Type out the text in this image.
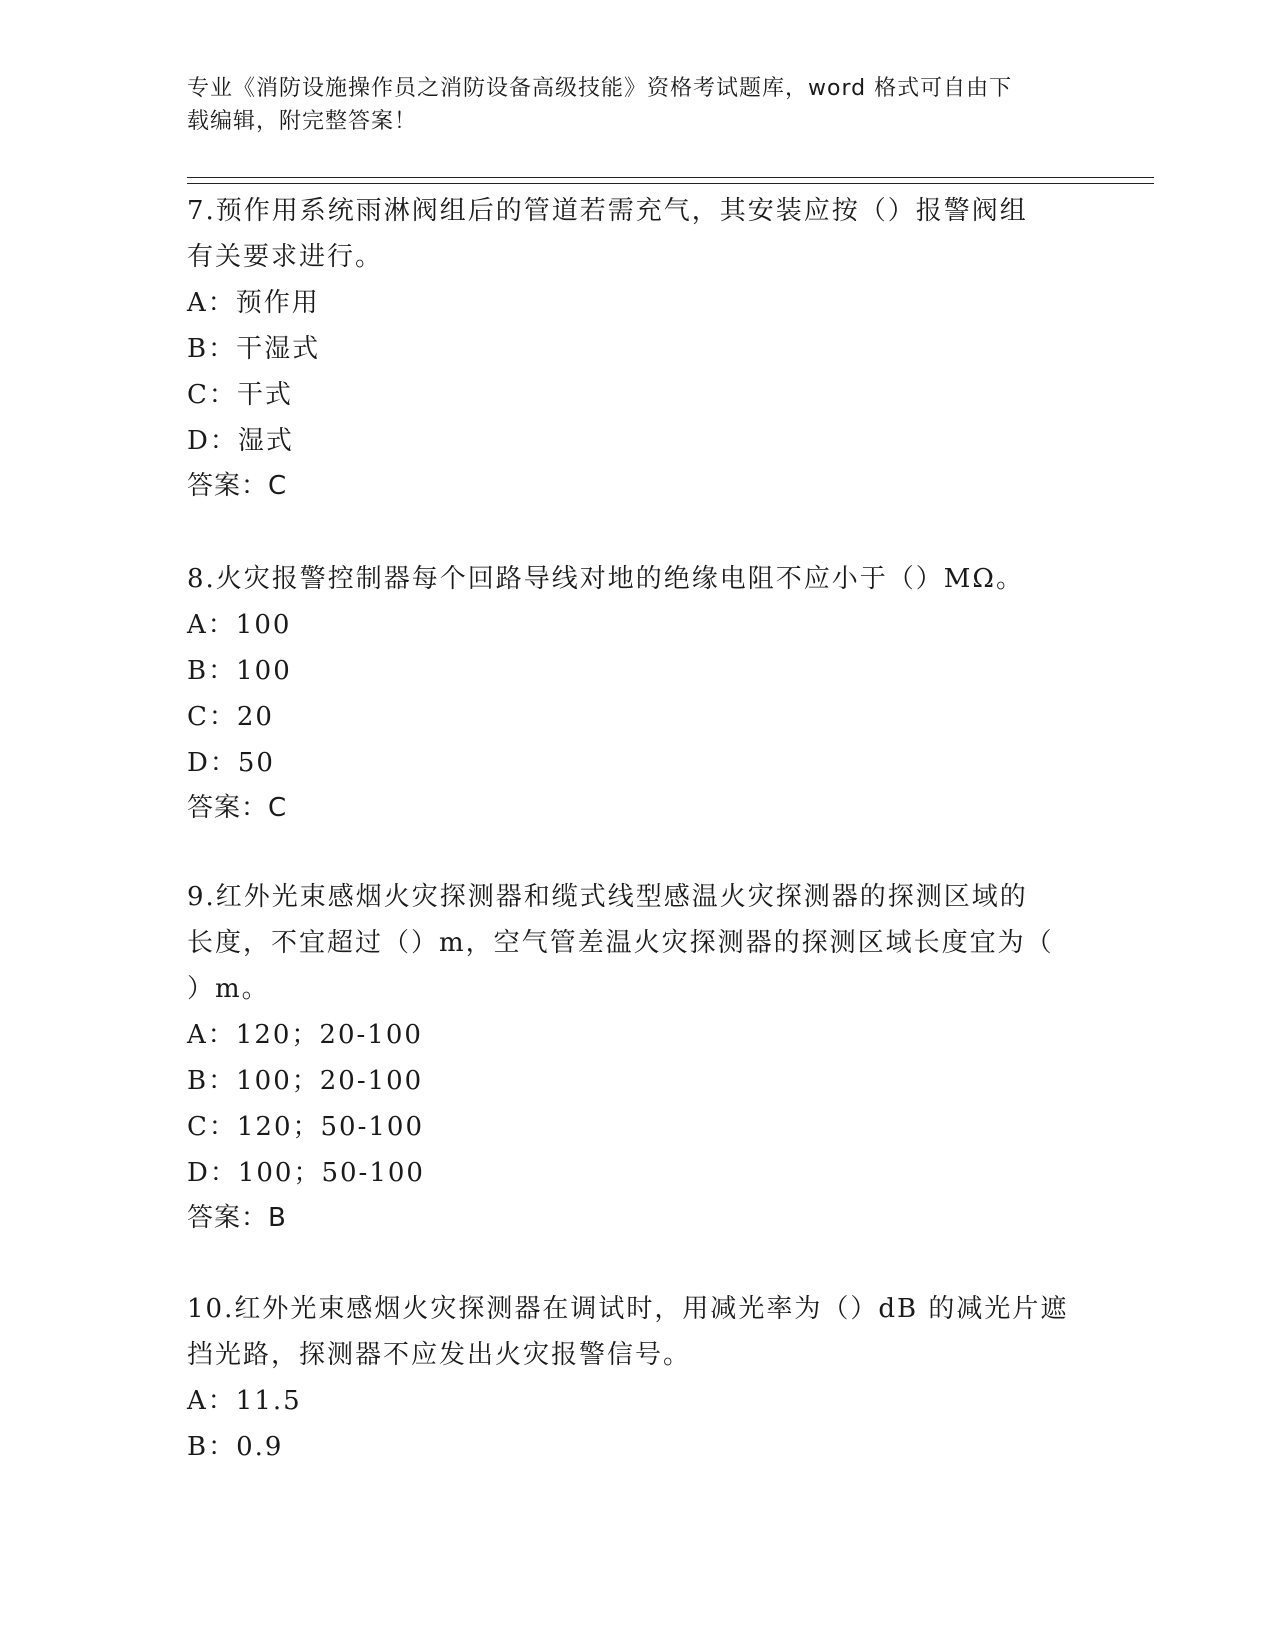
专业《消防设施操作员之消防设备高级技能》资格考试题库，word 格式可自由下
载编辑，附完整答案！
7.预作用系统雨淋阀组后的管道若需充气，其安装应按（）报警阀组
有关要求进行。
A：预作用
B：干湿式
C：干式
D：湿式
答案：C
8.火灾报警控制器每个回路导线对地的绝缘电阻不应小于（）MΩ。
A：100
B：100
C：20
D：50
答案：C
9.红外光束感烟火灾探测器和缆式线型感温火灾探测器的探测区域的
长度，不宜超过（）m，空气管差温火灾探测器的探测区域长度宜为（
）m。
A：120；20-100
B：100；20-100
C：120；50-100
D：100；50-100
答案：B
10.红外光束感烟火灾探测器在调试时，用减光率为（）dB 的减光片遮
挡光路，探测器不应发出火灾报警信号。
A：11.5
B：0.9
